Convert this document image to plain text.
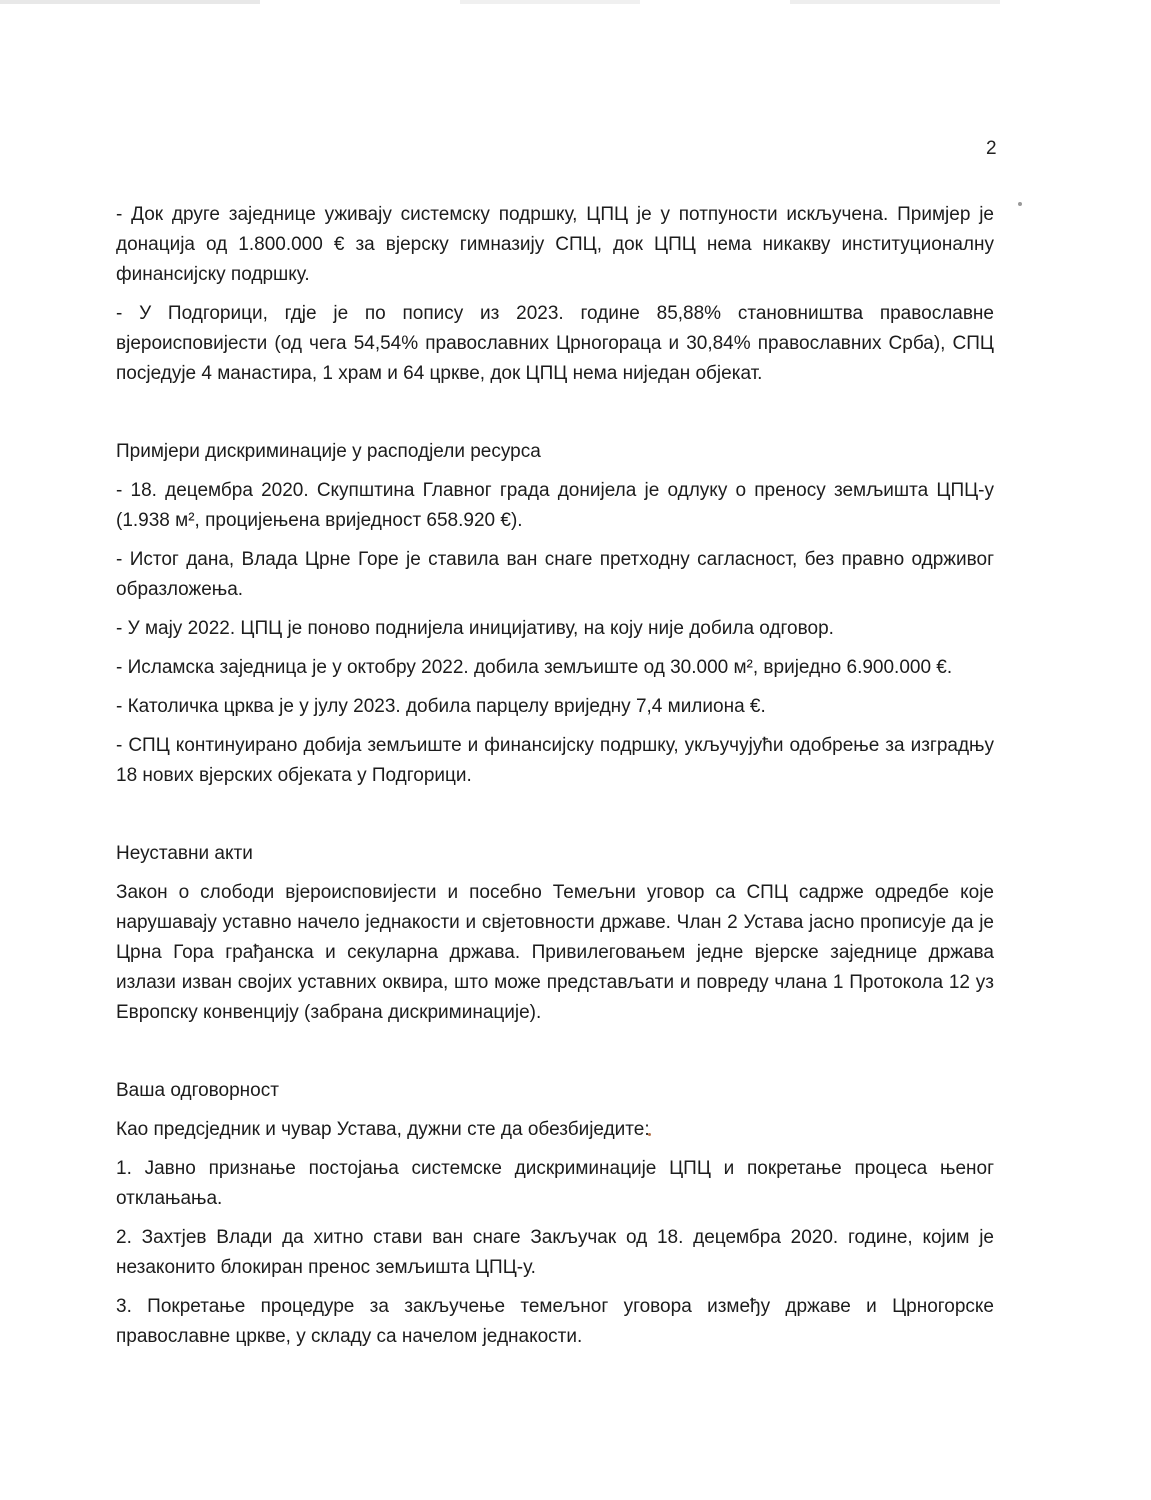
2

- Док друге заједнице уживају системску подршку, ЦПЦ је у потпуности искључена. Примјер је донација од 1.800.000 € за вјерску гимназију СПЦ, док ЦПЦ нема никакву институционалну финансијску подршку.

- У Подгорици, гдје је по попису из 2023. године 85,88% становништва православне вјероисповијести (од чега 54,54% православних Црногораца и 30,84% православних Срба), СПЦ посједује 4 манастира, 1 храм и 64 цркве, док ЦПЦ нема ниједан објекат.

Примјери дискриминације у расподјели ресурса

- 18. децембра 2020. Скупштина Главног града донијела је одлуку о преносу земљишта ЦПЦ-у (1.938 м², процијењена вриједност 658.920 €).

- Истог дана, Влада Црне Горе је ставила ван снаге претходну сагласност, без правно одрживог образложења.

- У мају 2022. ЦПЦ је поново поднијела иницијативу, на коју није добила одговор.

- Исламска заједница је у октобру 2022. добила земљиште од 30.000 м², вриједно 6.900.000 €.

- Католичка црква је у јулу 2023. добила парцелу вриједну 7,4 милиона €.

- СПЦ континуирано добија земљиште и финансијску подршку, укључујући одобрење за изградњу 18 нових вјерских објеката у Подгорици.

Неуставни акти

Закон о слободи вјероисповијести и посебно Темељни уговор са СПЦ садрже одредбе које нарушавају уставно начело једнакости и свјетовности државе. Члан 2 Устава јасно прописује да је Црна Гора грађанска и секуларна држава. Привилеговањем једне вјерске заједнице држава излази изван својих уставних оквира, што може представљати и повреду члана 1 Протокола 12 уз Европску конвенцију (забрана дискриминације).

Ваша одговорност

Као предсједник и чувар Устава, дужни сте да обезбиједите:

1. Јавно признање постојања системске дискриминације ЦПЦ и покретање процеса њеног отклањања.

2. Захтјев Влади да хитно стави ван снаге Закључак од 18. децембра 2020. године, којим је незаконито блокиран пренос земљишта ЦПЦ-у.

3. Покретање процедуре за закључење темељног уговора између државе и Црногорске православне цркве, у складу са начелом једнакости.
